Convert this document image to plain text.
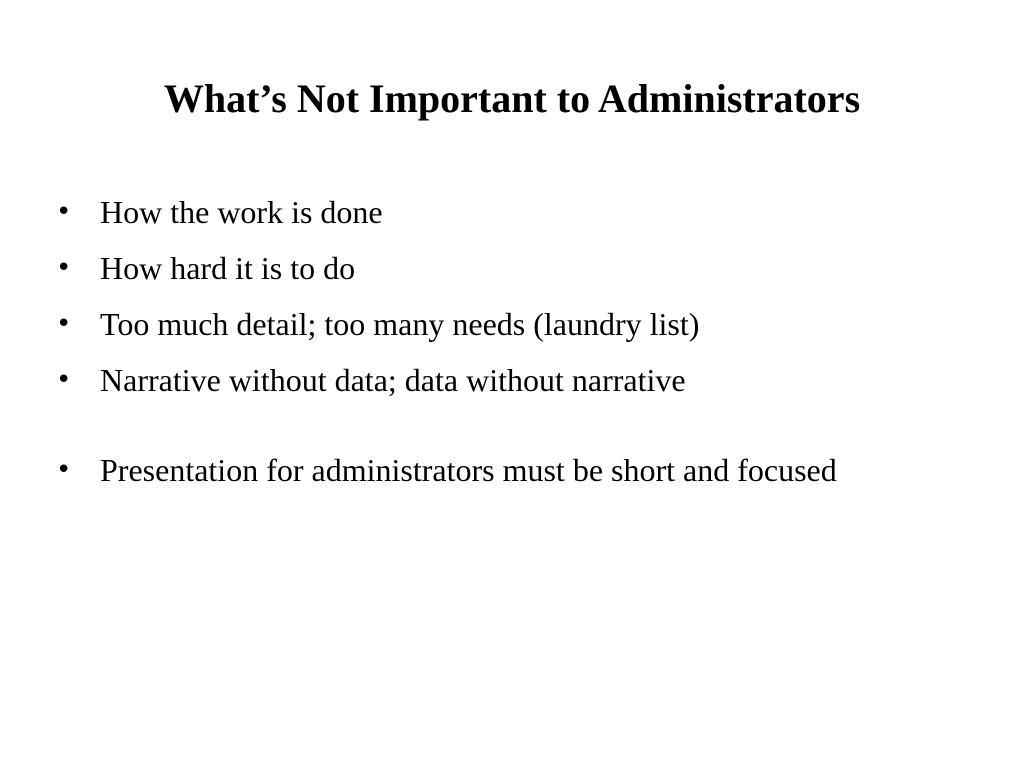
What’s Not Important to Administrators
• How the work is done
• How hard it is to do
• Too much detail; too many needs (laundry list)
• Narrative without data; data without narrative
• Presentation for administrators must be short and focused
